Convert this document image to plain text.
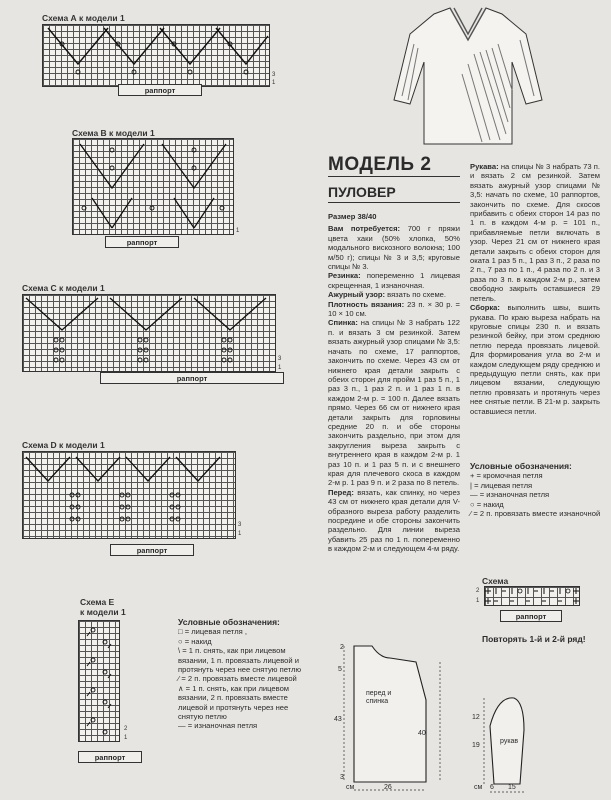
Схема А к модели 1
3
1
раппорт
Схема В к модели 1
1
раппорт
Схема С к модели 1
3
1
раппорт
Схема D к модели 1
3
1
раппорт
Схема E
к модели 1
2
1
раппорт
Условные обозначения:
□ = лицевая петля ,
○ = накид
\ = 1 п. снять, как при лицевом вязании, 1 п. провязать лицевой и протянуть через нее снятую петлю
⁄ = 2 п. провязать вместе лицевой
∧ = 1 п. снять, как при лицевом вязании, 2 п. провязать вместе лицевой и протянуть через нее снятую петлю
— = изнаночная петля
МОДЕЛЬ 2
ПУЛОВЕР
Размер 38/40
Вам потребуется: 700 г пряжи цвета хаки (50% хлопка, 50% модального вискозного волокна; 100 м/50 г); спицы № 3 и 3,5; круговые спицы № 3.
Резинка: попеременно 1 лицевая скрещенная, 1 изнаночная.
Ажурный узор: вязать по схеме.
Плотность вязания: 23 п. × 30 р. = 10 × 10 см.
Спинка: на спицы № 3 набрать 122 п. и вязать 3 см резинкой. Затем вязать ажурный узор спицами № 3,5: начать по схеме, 17 раппортов, закончить по схеме. Через 43 см от нижнего края детали закрыть с обеих сторон для пройм 1 раз 5 п., 1 раз 3 п., 1 раз 2 п. и 1 раз 1 п. в каждом 2-м р. = 100 п. Далее вязать прямо. Через 66 см от нижнего края детали закрыть для горловины средние 20 п. и обе стороны закончить раздельно, при этом для закругления выреза закрыть с внутреннего края в каждом 2-м р. 1 раз 10 п. и 1 раз 5 п. и с внешнего края для плечевого скоса в каждом 2-м р. 1 раз 9 п. и 2 раза по 8 петель.
Перед: вязать, как спинку, но через 43 см от нижнего края детали для V-образного выреза работу разделить посредине и обе стороны закончить раздельно. Для линии выреза убавить 25 раз по 1 п. попеременно в каждом 2-м и следующем 4-м ряду.
Рукава: на спицы № 3 набрать 73 п. и вязать 2 см резинкой. Затем вязать ажурный узор спицами № 3,5: начать по схеме, 10 раппортов, закончить по схеме. Для скосов прибавить с обеих сторон 14 раз по 1 п. в каждом 4-м р. = 101 п., прибавляемые петли включать в узор. Через 21 см от нижнего края детали закрыть с обеих сторон для оката 1 раз 5 п., 1 раз 3 п., 2 раза по 2 п., 7 раз по 1 п., 4 раза по 2 п. и 3 раза по 3 п. в каждом 2-м р., затем свободно закрыть оставшиеся 29 петель.
Сборка: выполнить швы, вшить рукава. По краю выреза набрать на круговые спицы 230 п. и вязать резинкой бейку, при этом среднюю петлю переда провязать лицевой. Для формирования угла во 2-м и каждом следующем ряду среднюю и предыдущую петли снять, как при лицевом вязании, следующую петлю провязать и протянуть через нее снятые петли. В 21-м р. закрыть оставшиеся петли.
Условные обозначения:
+ = кромочная петля
| = лицевая петля
— = изнаночная петля
○ = накид
⁄ = 2 п. провязать вместе изнаночной
Схема
2
1
раппорт
Повторять 1-й и 2-й ряд!
перед и спинка
2
5
43
40
3
26
см
рукав
12
19
6 15
см
